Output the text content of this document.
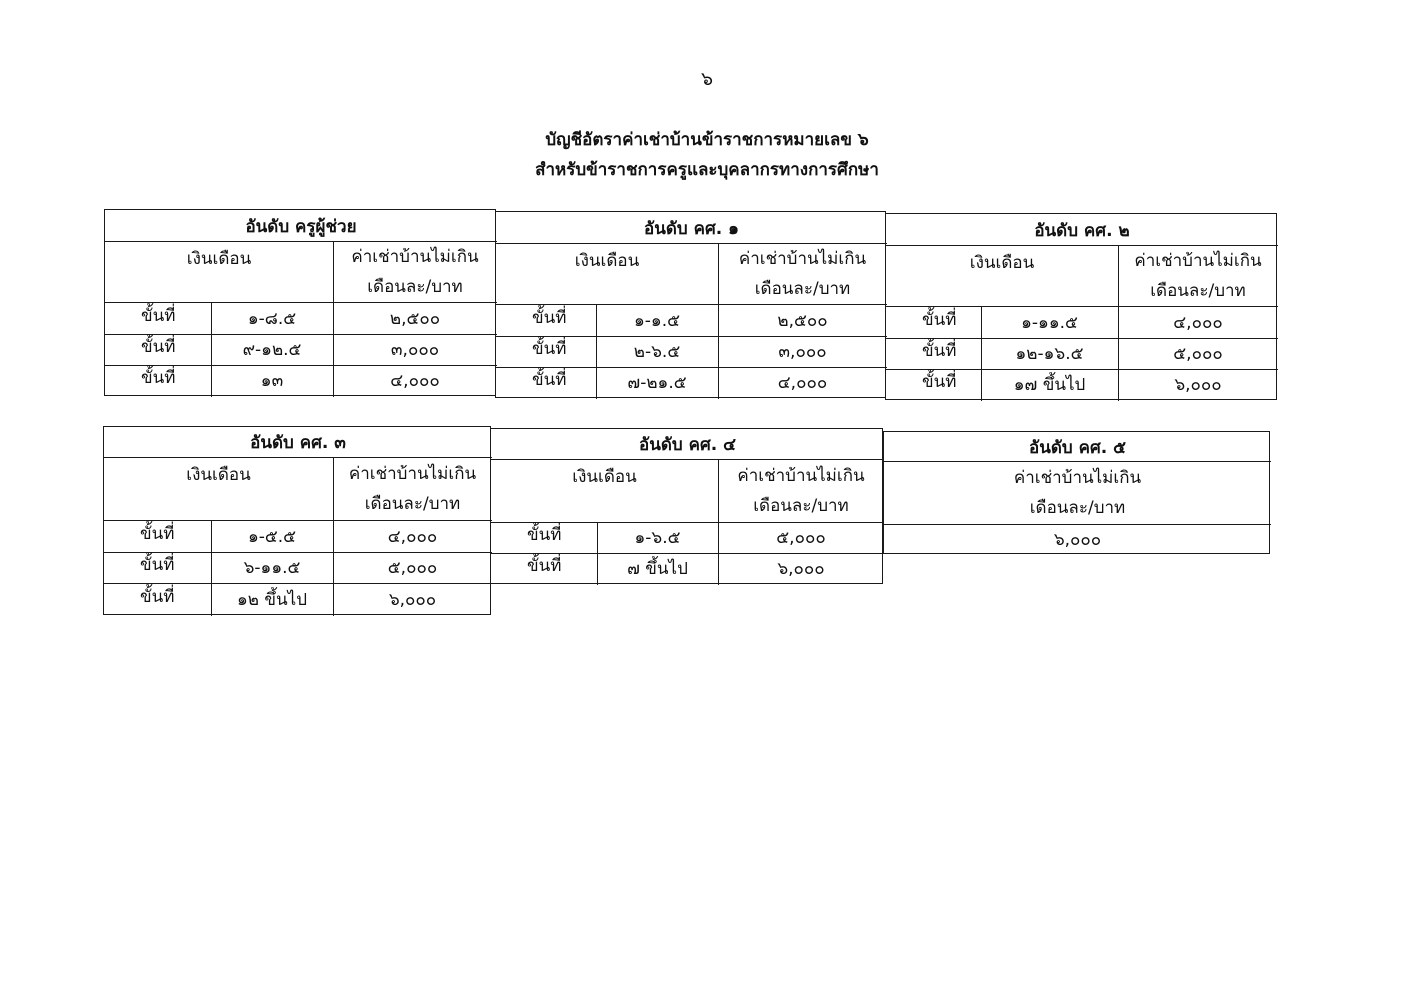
๖
บัญชีอัตราค่าเช่าบ้านข้าราชการหมายเลข ๖
สำหรับข้าราชการครูและบุคลากรทางการศึกษา
อันดับ ครูผู้ช่วย
เงินเดือน	ค่าเช่าบ้านไม่เกิน
เดือนละ/บาท
ขั้นที่	๑-๘.๕	๒,๕๐๐
ขั้นที่	๙-๑๒.๕	๓,๐๐๐
ขั้นที่	๑๓	๔,๐๐๐
อันดับ คศ. ๑
เงินเดือน	ค่าเช่าบ้านไม่เกิน
เดือนละ/บาท
ขั้นที่	๑-๑.๕	๒,๕๐๐
ขั้นที่	๒-๖.๕	๓,๐๐๐
ขั้นที่	๗-๒๑.๕	๔,๐๐๐
อันดับ คศ. ๒
เงินเดือน	ค่าเช่าบ้านไม่เกิน
เดือนละ/บาท
ขั้นที่	๑-๑๑.๕	๔,๐๐๐
ขั้นที่	๑๒-๑๖.๕	๕,๐๐๐
ขั้นที่	๑๗ ขึ้นไป	๖,๐๐๐
อันดับ คศ. ๓
เงินเดือน	ค่าเช่าบ้านไม่เกิน
เดือนละ/บาท
ขั้นที่	๑-๕.๕	๔,๐๐๐
ขั้นที่	๖-๑๑.๕	๕,๐๐๐
ขั้นที่	๑๒ ขึ้นไป	๖,๐๐๐
อันดับ คศ. ๔
เงินเดือน	ค่าเช่าบ้านไม่เกิน
เดือนละ/บาท
ขั้นที่	๑-๖.๕	๕,๐๐๐
ขั้นที่	๗ ขึ้นไป	๖,๐๐๐
อันดับ คศ. ๕
ค่าเช่าบ้านไม่เกิน
เดือนละ/บาท
๖,๐๐๐
